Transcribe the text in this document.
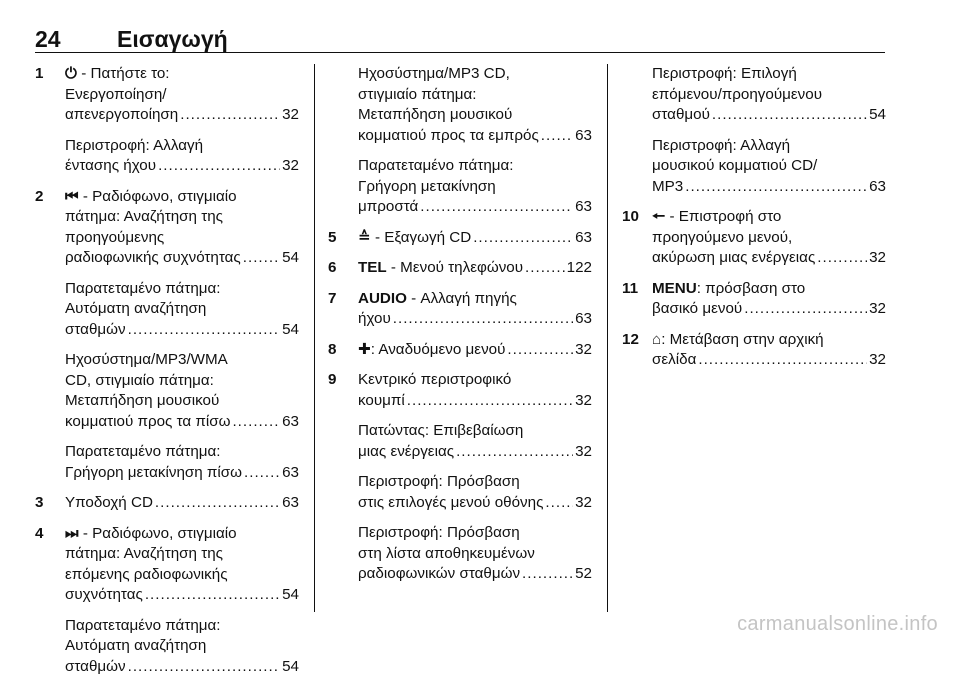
24 Εισαγωγή
1	⏻ - Πατήστε το:
Ενεργοποίηση/
απενεργοποίηση .....	32
Περιστροφή: Αλλαγή
έντασης ήχου .....	32
2	⏮ - Ραδιόφωνο, στιγμιαίο
πάτημα: Αναζήτηση της
προηγούμενης
ραδιοφωνικής συχνότητας .....	54
Παρατεταμένο πάτημα:
Αυτόματη αναζήτηση
σταθμών .....	54
Ηχοσύστημα/MP3/WMA
CD, στιγμιαίο πάτημα:
Μεταπήδηση μουσικού
κομματιού προς τα πίσω .....	63
Παρατεταμένο πάτημα:
Γρήγορη μετακίνηση πίσω .....	63
3	Υποδοχή CD .....	63
4	⏭ - Ραδιόφωνο, στιγμιαίο
πάτημα: Αναζήτηση της
επόμενης ραδιοφωνικής
συχνότητας .....	54
Παρατεταμένο πάτημα:
Αυτόματη αναζήτηση
σταθμών .....	54
Ηχοσύστημα/MP3 CD,
στιγμιαίο πάτημα:
Μεταπήδηση μουσικού
κομματιού προς τα εμπρός ..... 63
Παρατεταμένο πάτημα:
Γρήγορη μετακίνηση
μπροστά .....	63
5	≙ - Εξαγωγή CD .....	63
6	TEL - Μενού τηλεφώνου .....	122
7	AUDIO - Αλλαγή πηγής
ήχου .....	63
8	✚: Αναδυόμενο μενού .....	32
9	Κεντρικό περιστροφικό
κουμπί .....	32
Πατώντας: Επιβεβαίωση
μιας ενέργειας .....	32
Περιστροφή: Πρόσβαση
στις επιλογές μενού οθόνης ..... 32
Περιστροφή: Πρόσβαση
στη λίστα αποθηκευμένων
ραδιοφωνικών σταθμών .....	52
Περιστροφή: Επιλογή
επόμενου/προηγούμενου
σταθμού .....	54
Περιστροφή: Αλλαγή
μουσικού κομματιού CD/
MP3 .....	63
10 🠔 - Επιστροφή στο
προηγούμενο μενού,
ακύρωση μιας ενέργειας .....	32
11 MENU: πρόσβαση στο
βασικό μενού .....	32
12 ⌂: Μετάβαση στην αρχική
σελίδα .....	32
carmanualsonline.info
